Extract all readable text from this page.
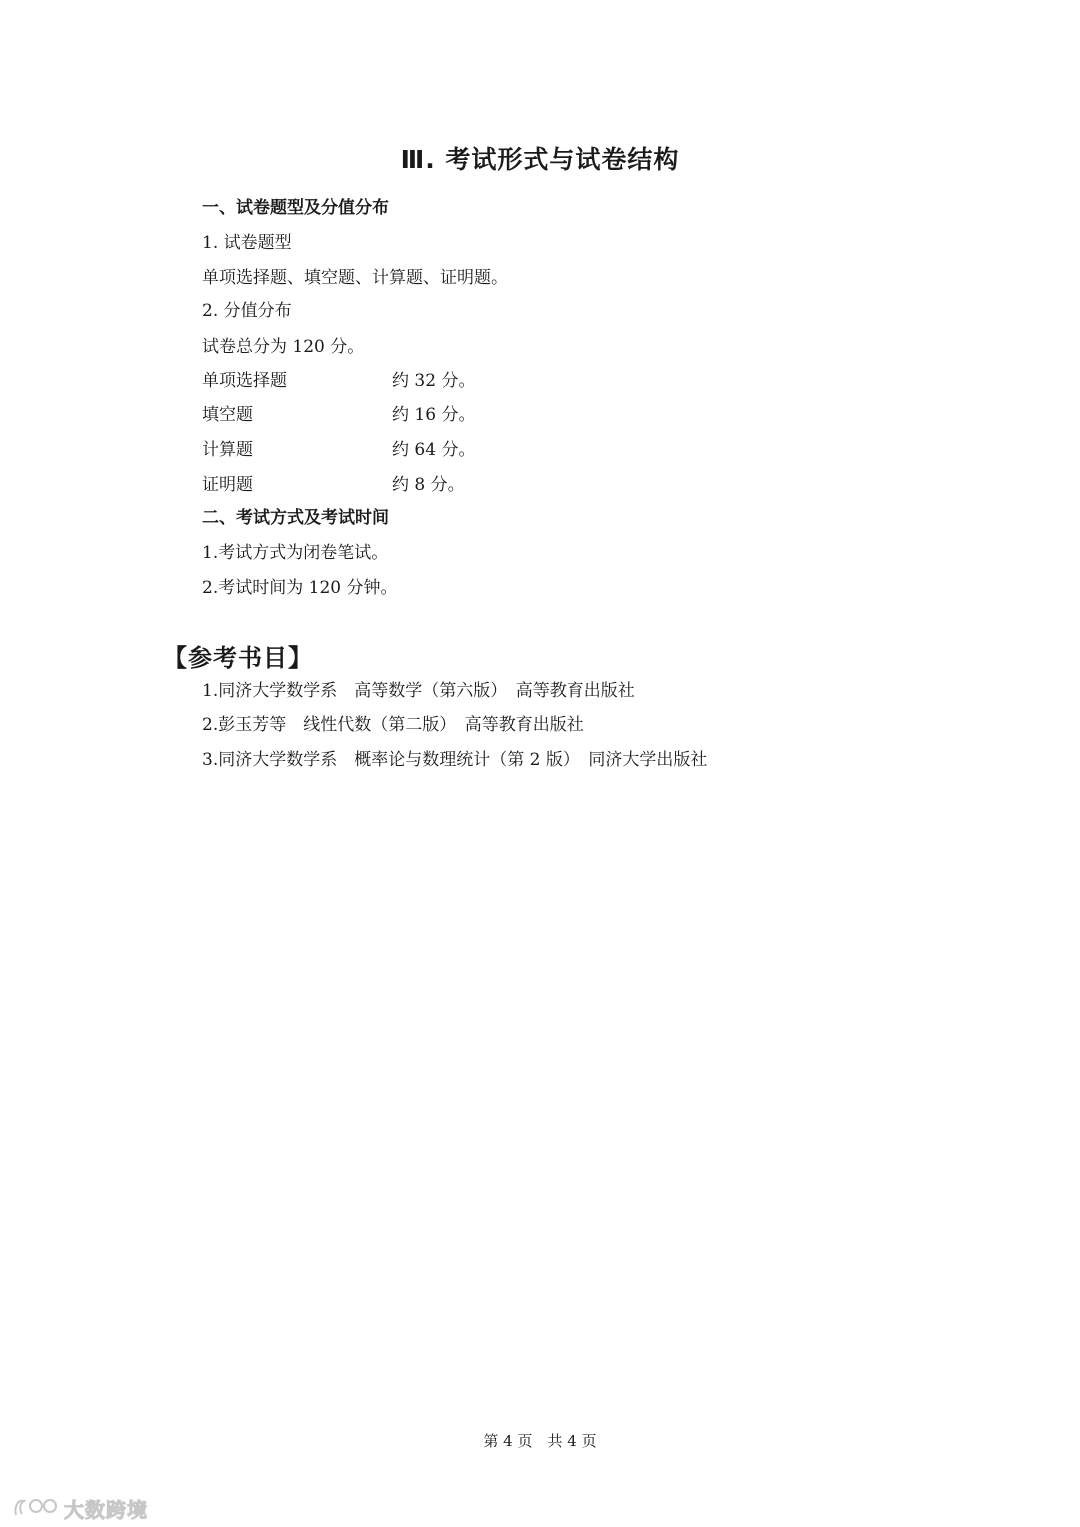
Ⅲ. 考试形式与试卷结构
一、试卷题型及分值分布
1. 试卷题型
单项选择题、填空题、计算题、证明题。
2. 分值分布
试卷总分为 120 分。
单项选择题	约 32 分。
填空题	约 16 分。
计算题	约 64 分。
证明题	约 8 分。
二、考试方式及考试时间
1.考试方式为闭卷笔试。
2.考试时间为 120 分钟。
【参考书目】
1.同济大学数学系　高等数学（第六版）　高等教育出版社
2.彭玉芳等　线性代数（第二版）　高等教育出版社
3.同济大学数学系　概率论与数理统计（第 2 版）　同济大学出版社
第 4 页　共 4 页
大数跨境
